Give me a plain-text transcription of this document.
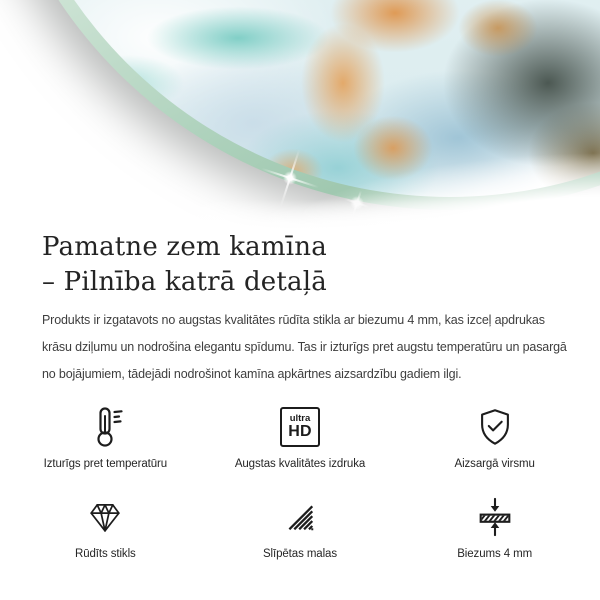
Pamatne zem kamīna
– Pilnība katrā detaļā
Produkts ir izgatavots no augstas kvalitātes rūdīta stikla ar biezumu 4 mm, kas izceļ apdrukas
krāsu dziļumu un nodrošina elegantu spīdumu. Tas ir izturīgs pret augstu temperatūru un pasargā
no bojājumiem, tādejādi nodrošinot kamīna apkārtnes aizsardzību gadiem ilgi.
Izturīgs pret temperatūru
ultra
HD
Augstas kvalitātes izdruka	Aizsargā virsmu
Rūdīts stikls	Slīpētas malas	Biezums 4 mm
